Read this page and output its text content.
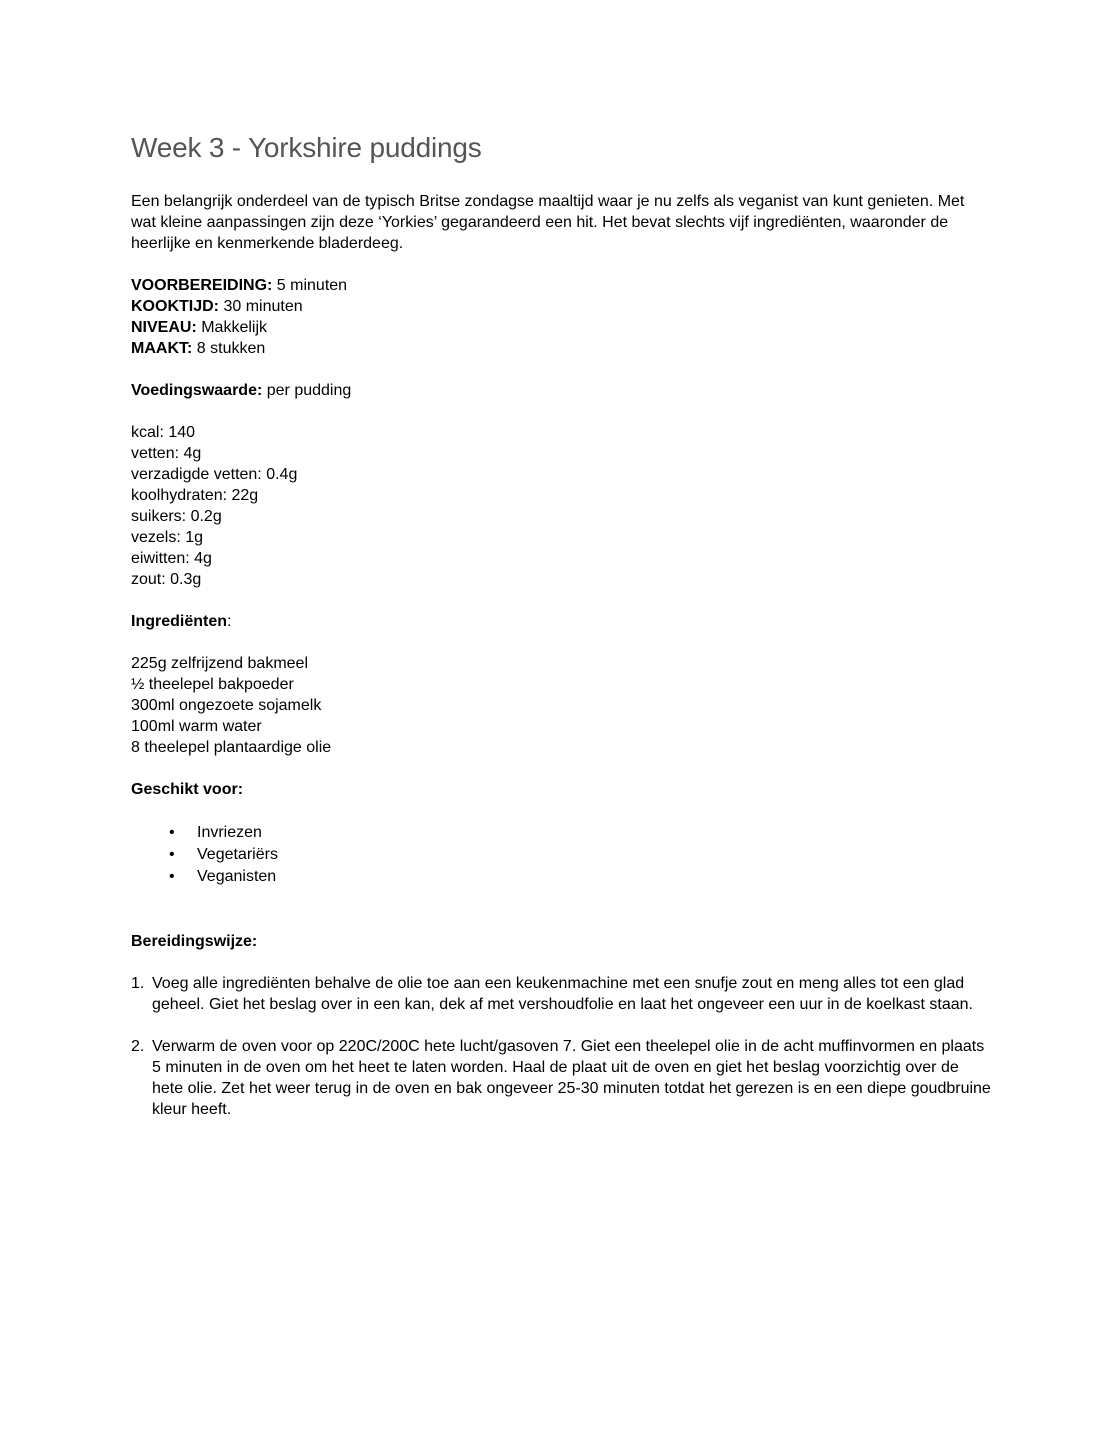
Week 3 - Yorkshire puddings

Een belangrijk onderdeel van de typisch Britse zondagse maaltijd waar je nu zelfs als veganist van kunt genieten. Met wat kleine aanpassingen zijn deze ‘Yorkies’ gegarandeerd een hit. Het bevat slechts vijf ingrediënten, waaronder de heerlijke en kenmerkende bladerdeeg.

VOORBEREIDING: 5 minuten

KOOKTIJD: 30 minuten

NIVEAU: Makkelijk

MAAKT: 8 stukken

Voedingswaarde: per pudding

kcal: 140

vetten: 4g

verzadigde vetten: 0.4g

koolhydraten: 22g

suikers: 0.2g

vezels: 1g

eiwitten: 4g

zout: 0.3g

Ingrediënten:

225g zelfrijzend bakmeel

½ theelepel bakpoeder

300ml ongezoete sojamelk

100ml warm water

8 theelepel plantaardige olie

Geschikt voor:

• Invriezen
• Vegetariërs
• Veganisten

Bereidingswijze:

1. Voeg alle ingrediënten behalve de olie toe aan een keukenmachine met een snufje zout en meng alles tot een glad geheel. Giet het beslag over in een kan, dek af met vershoudfolie en laat het ongeveer een uur in de koelkast staan.
2. Verwarm de oven voor op 220C/200C hete lucht/gasoven 7. Giet een theelepel olie in de acht muffinvormen en plaats 5 minuten in de oven om het heet te laten worden. Haal de plaat uit de oven en giet het beslag voorzichtig over de hete olie. Zet het weer terug in de oven en bak ongeveer 25-30 minuten totdat het gerezen is en een diepe goudbruine kleur heeft.
